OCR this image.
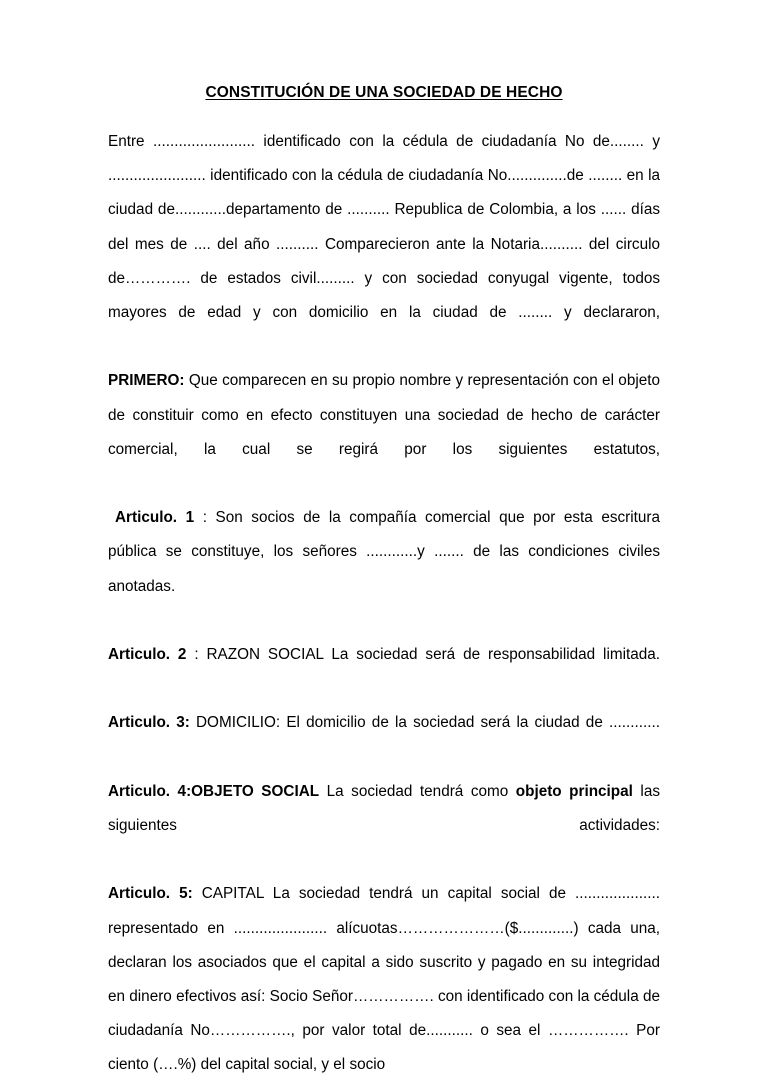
CONSTITUCIÓN DE UNA SOCIEDAD DE HECHO

Entre ........................ identificado con la cédula de ciudadanía No de........ y ....................... identificado con la cédula de ciudadanía No..............de ........ en la ciudad de............departamento de .......... Republica de Colombia, a los ...... días del mes de .... del año .......... Comparecieron ante la Notaria.......... del circulo de…………. de estados civil......... y con sociedad conyugal vigente, todos mayores de edad y con domicilio en la ciudad de ........ y declararon,

PRIMERO: Que comparecen en su propio nombre y representación con el objeto de constituir como en efecto constituyen una sociedad de hecho de carácter comercial, la cual se regirá por los siguientes estatutos,

Articulo. 1 : Son socios de la compañía comercial que por esta escritura pública se constituye, los señores ............y ....... de las condiciones civiles anotadas.

Articulo. 2 : RAZON SOCIAL La sociedad será de responsabilidad limitada.

Articulo. 3: DOMICILIO: El domicilio de la sociedad será la ciudad de ............

Articulo. 4:OBJETO SOCIAL La sociedad tendrá como objeto principal las siguientes actividades:

Articulo. 5: CAPITAL La sociedad tendrá un capital social de .................... representado en ...................... alícuotas…………………($.............) cada una, declaran los asociados que el capital a sido suscrito y pagado en su integridad en dinero efectivos así: Socio Señor……………. con identificado con la cédula de ciudadanía No……………., por valor total de........... o sea el ……………. Por ciento (….%) del capital social, y el socio
